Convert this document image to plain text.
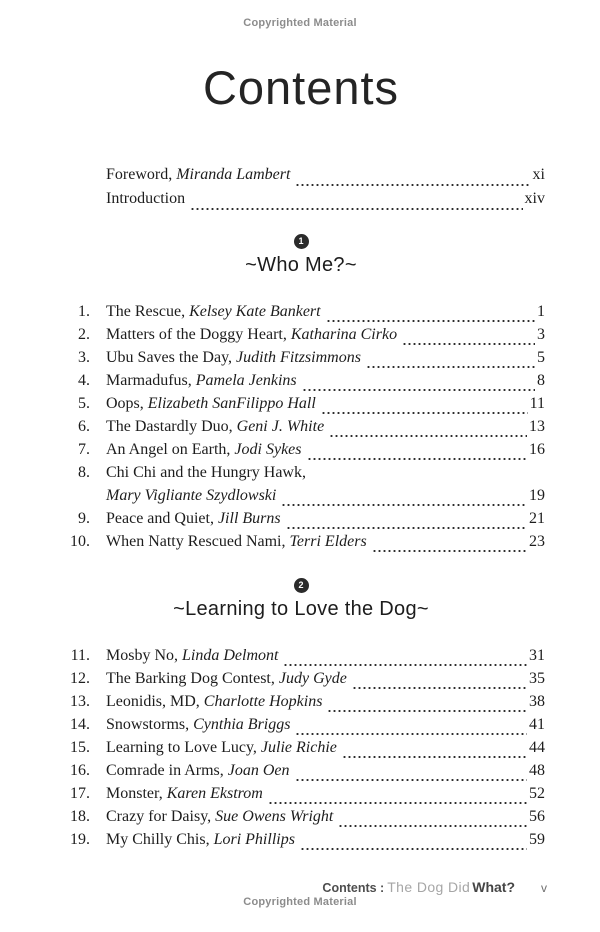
Copyrighted Material
Contents
Foreword, Miranda Lambert	xi
Introduction	xiv
1
~Who Me?~
1. The Rescue, Kelsey Kate Bankert	1
2. Matters of the Doggy Heart, Katharina Cirko	3
3. Ubu Saves the Day, Judith Fitzsimmons	5
4. Marmadufus, Pamela Jenkins	8
5. Oops, Elizabeth SanFilippo Hall	11
6. The Dastardly Duo, Geni J. White	13
7. An Angel on Earth, Jodi Sykes	16
8. Chi Chi and the Hungry Hawk,
Mary Vigliante Szydlowski	19
9. Peace and Quiet, Jill Burns	21
10. When Natty Rescued Nami, Terri Elders	23
2
~Learning to Love the Dog~
11. Mosby No, Linda Delmont	31
12. The Barking Dog Contest, Judy Gyde	35
13. Leonidis, MD, Charlotte Hopkins	38
14. Snowstorms, Cynthia Briggs	41
15. Learning to Love Lucy, Julie Richie	44
16. Comrade in Arms, Joan Oen	48
17. Monster, Karen Ekstrom	52
18. Crazy for Daisy, Sue Owens Wright	56
19. My Chilly Chis, Lori Phillips	59
Contents : The Dog Did What? v
Copyrighted Material
